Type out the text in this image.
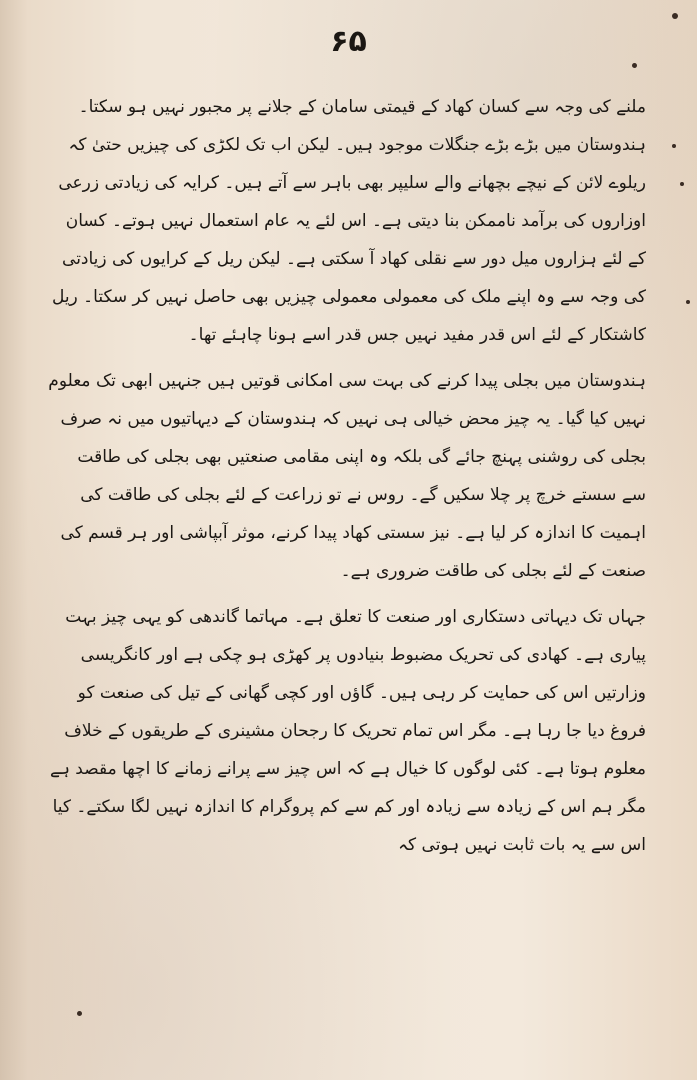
۶۵

ملنے کی وجہ سے کسان کھاد کے قیمتی سامان کے جلانے پر مجبور نہیں ہو سکتا۔ ہندوستان میں بڑے بڑے جنگلات موجود ہیں۔ لیکن اب تک لکڑی کی چیزیں حتیٰ کہ ریلوے لائن کے نیچے بچھانے والے سلیپر بھی باہر سے آتے ہیں۔ کرایہ کی زیادتی زرعی اوزاروں کی برآمد ناممکن بنا دیتی ہے۔ اس لئے یہ عام استعمال نہیں ہوتے۔ کسان کے لئے ہزاروں میل دور سے نقلی کھاد آ سکتی ہے۔ لیکن ریل کے کرایوں کی زیادتی کی وجہ سے وہ اپنے ملک کی معمولی معمولی چیزیں بھی حاصل نہیں کر سکتا۔ ریل کاشتکار کے لئے اس قدر مفید نہیں جس قدر اسے ہونا چاہئے تھا۔

ہندوستان میں بجلی پیدا کرنے کی بہت سی امکانی قوتیں ہیں جنہیں ابھی تک معلوم نہیں کیا گیا۔ یہ چیز محض خیالی ہی نہیں کہ ہندوستان کے دیہاتیوں میں نہ صرف بجلی کی روشنی پہنچ جائے گی بلکہ وہ اپنی مقامی صنعتیں بھی بجلی کی طاقت سے سستے خرچ پر چلا سکیں گے۔ روس نے تو زراعت کے لئے بجلی کی طاقت کی اہمیت کا اندازہ کر لیا ہے۔ نیز سستی کھاد پیدا کرنے، موثر آبپاشی اور ہر قسم کی صنعت کے لئے بجلی کی طاقت ضروری ہے۔

جہاں تک دیہاتی دستکاری اور صنعت کا تعلق ہے۔ مہاتما گاندھی کو یہی چیز بہت پیاری ہے۔ کھادی کی تحریک مضبوط بنیادوں پر کھڑی ہو چکی ہے اور کانگریسی وزارتیں اس کی حمایت کر رہی ہیں۔ گاؤں اور کچی گھانی کے تیل کی صنعت کو فروغ دیا جا رہا ہے۔ مگر اس تمام تحریک کا رجحان مشینری کے طریقوں کے خلاف معلوم ہوتا ہے۔ کئی لوگوں کا خیال ہے کہ اس چیز سے پرانے زمانے کا اچھا مقصد ہے مگر ہم اس کے زیادہ سے زیادہ اور کم سے کم پروگرام کا اندازہ نہیں لگا سکتے۔ کیا اس سے یہ بات ثابت نہیں ہوتی کہ
